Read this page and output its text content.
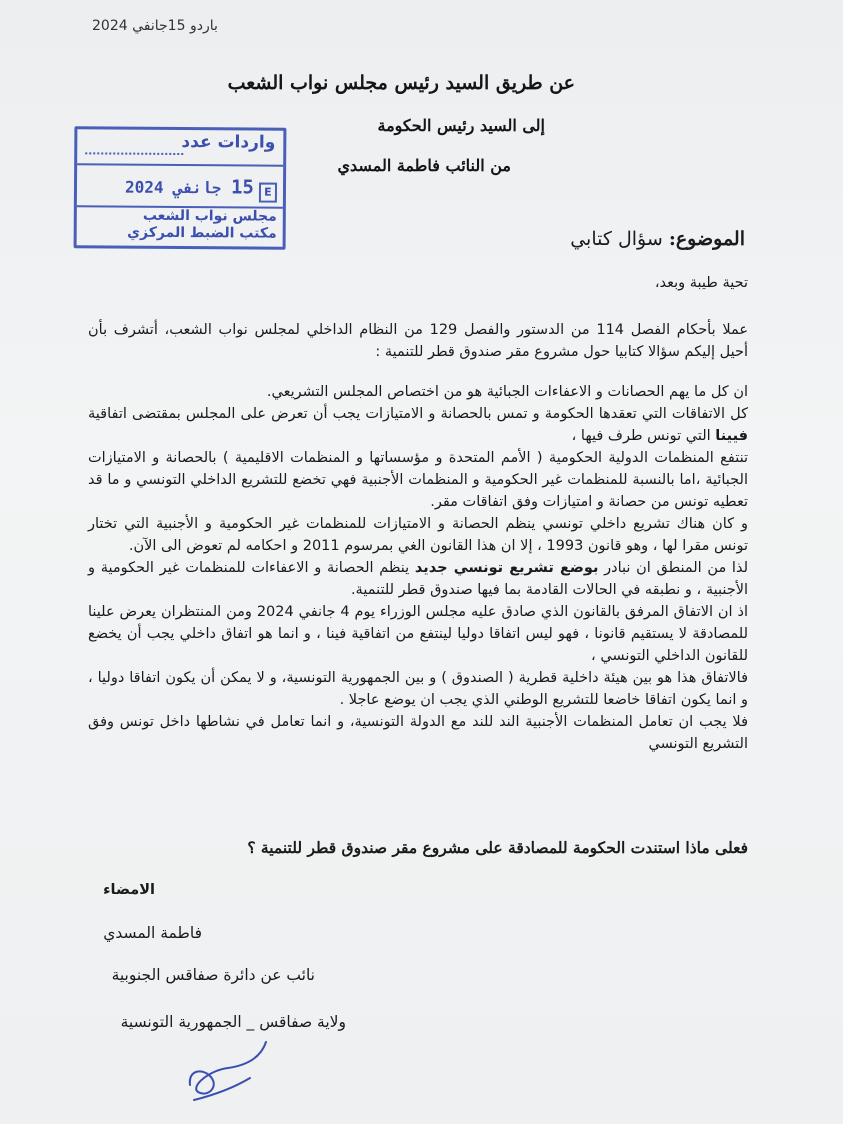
باردو 15جانفي 2024
عن طريق السيد رئيس مجلس نواب الشعب
إلى السيد رئيس الحكومة
من النائب فاطمة المسدي
واردات عدد
15 جانفي 2024	E
مجلس نواب الشعب
مكتب الضبط المركزي	الموضوع: سؤال كتابي
تحية طيبة وبعد،
عملا بأحكام الفصل 114 من الدستور والفصل 129 من النظام الداخلي لمجلس نواب الشعب، أتشرف بأن أحيل إليكم سؤالا كتابيا حول مشروع مقر صندوق قطر للتنمية :
ان كل ما يهم الحصانات و الاعفاءات الجبائية هو من اختصاص المجلس التشريعي.
كل الاتفاقات التي تعقدها الحكومة و تمس بالحصانة و الامتيازات يجب أن تعرض على المجلس بمقتضى اتفاقية فيينا التي تونس طرف فيها ،
تنتفع المنظمات الدولية الحكومية ( الأمم المتحدة و مؤسساتها و المنظمات الاقليمية ) بالحصانة و الامتيازات الجبائية ،اما بالنسبة للمنظمات غير الحكومية و المنظمات الأجنبية فهي تخضع للتشريع الداخلي التونسي و ما قد تعطيه تونس من حصانة و امتيازات وفق اتفاقات مقر.
و كان هناك تشريع داخلي تونسي ينظم الحصانة و الامتيازات للمنظمات غير الحكومية و الأجنبية التي تختار تونس مقرا لها ، وهو قانون 1993 ، إلا ان هذا القانون الغي بمرسوم 2011 و احكامه لم تعوض الى الآن.
لذا من المنطق ان نبادر بوضع تشريع تونسي جديد ينظم الحصانة و الاعفاءات للمنظمات غير الحكومية و الأجنبية ، و نطبقه في الحالات القادمة بما فيها صندوق قطر للتنمية.
اذ ان الاتفاق المرفق بالقانون الذي صادق عليه مجلس الوزراء يوم 4 جانفي 2024 ومن المنتظران يعرض علينا للمصادقة لا يستقيم قانونا ، فهو ليس اتفاقا دوليا لينتفع من اتفاقية فينا ، و انما هو اتفاق داخلي يجب أن يخضع للقانون الداخلي التونسي ،
فالاتفاق هذا هو بين هيئة داخلية قطرية ( الصندوق ) و بين الجمهورية التونسية، و لا يمكن أن يكون اتفاقا دوليا ، و انما يكون اتفاقا خاضعا للتشريع الوطني الذي يجب ان يوضع عاجلا .
فلا يجب ان تعامل المنظمات الأجنبية الند للند مع الدولة التونسية، و انما تعامل في نشاطها داخل تونس وفق التشريع التونسي
فعلى ماذا استندت الحكومة للمصادقة على مشروع مقر صندوق قطر للتنمية ؟
الامضاء
فاطمة المسدي
نائب عن دائرة صفاقس الجنوبية
ولاية صفاقس _ الجمهورية التونسية
